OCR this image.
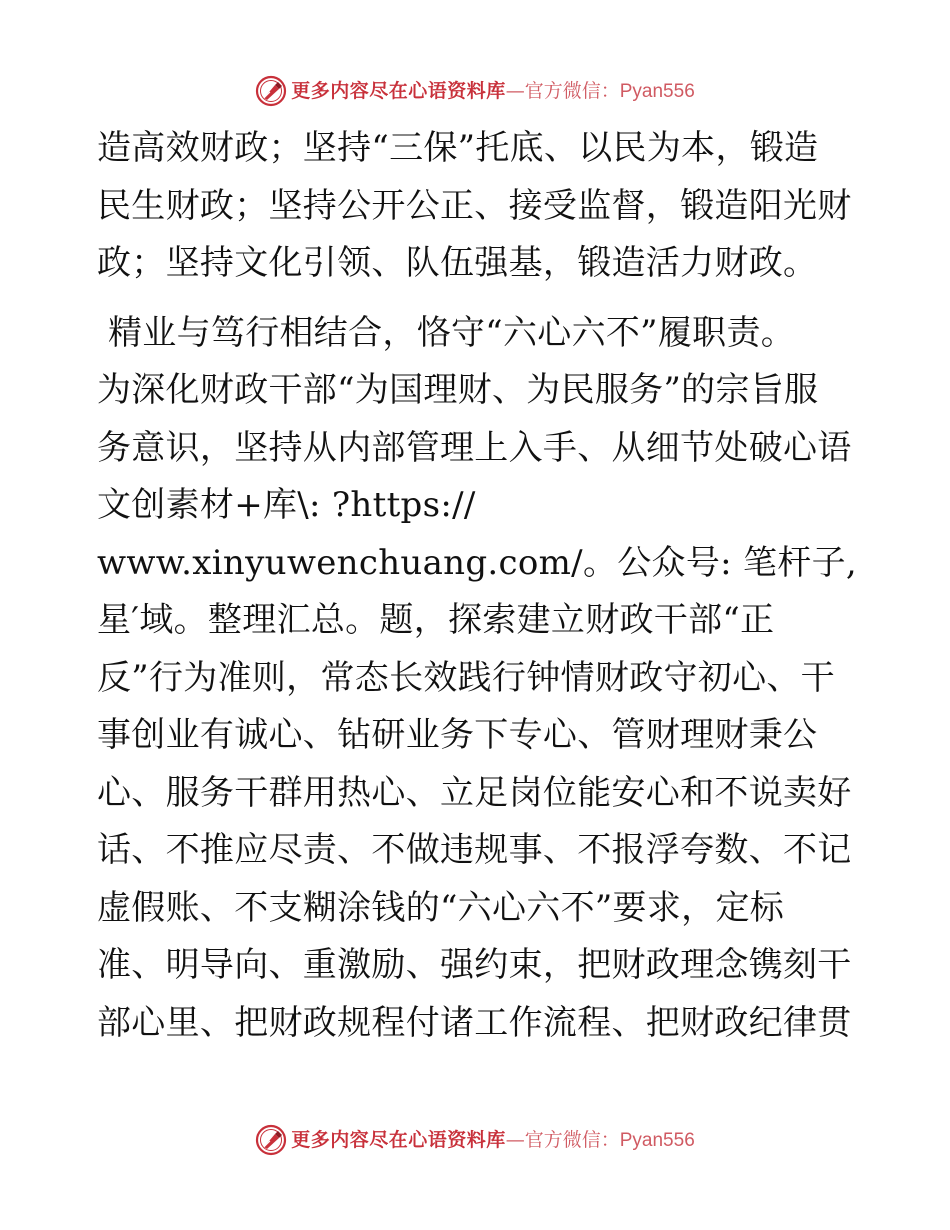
更多内容尽在心语资料库 — 官方微信：Pyan556
造高效财政；坚持“三保”托底、以民为本，锻造
民生财政；坚持公开公正、接受监督，锻造阳光财
政；坚持文化引领、队伍强基，锻造活力财政。
精业与笃行相结合，恪守“六心六不”履职责。
为深化财政干部“为国理财、为民服务”的宗旨服
务意识，坚持从内部管理上入手、从细节处破心语
文创素材+库\: ?https://
www.xinyuwenchuang.com/。公众号: 笔杆子,
星′域。整理汇总。题，探索建立财政干部“正
反”行为准则，常态长效践行钟情财政守初心、干
事创业有诚心、钻研业务下专心、管财理财秉公
心、服务干群用热心、立足岗位能安心和不说卖好
话、不推应尽责、不做违规事、不报浮夸数、不记
虚假账、不支糊涂钱的“六心六不”要求，定标
准、明导向、重激励、强约束，把财政理念镌刻干
部心里、把财政规程付诸工作流程、把财政纪律贯
更多内容尽在心语资料库 — 官方微信：Pyan556
